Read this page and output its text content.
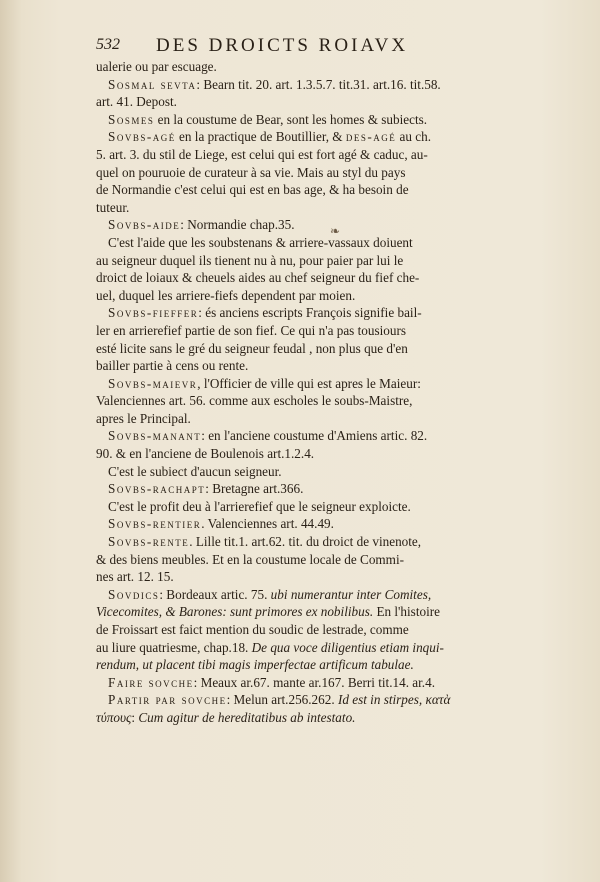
532 DES DROICTS ROIAVX
❧
ualerie ou par escuage.
Sosmal sevta: Bearn tit. 20. art. 1.3.5.7. tit.31. art.16. tit.58.
art. 41. Depost.
Sosmes en la coustume de Bear, sont les homes & subiects.
Sovbs-agé en la practique de Boutillier, & des-agé au ch.
5. art. 3. du stil de Liege, est celui qui est fort agé & caduc, au-
quel on pouruoie de curateur à sa vie. Mais au styl du pays
de Normandie c'est celui qui est en bas age, & ha besoin de
tuteur.
Sovbs-aide: Normandie chap.35.
C'est l'aide que les soubstenans & arriere-vassaux doiuent
au seigneur duquel ils tienent nu à nu, pour paier par lui le
droict de loiaux & cheuels aides au chef seigneur du fief che-
uel, duquel les arriere-fiefs dependent par moien.
Sovbs-fieffer: és anciens escripts François signifie bail-
ler en arrierefief partie de son fief. Ce qui n'a pas tousiours
esté licite sans le gré du seigneur feudal , non plus que d'en
bailler partie à cens ou rente.
Sovbs-maievr, l'Officier de ville qui est apres le Maieur:
Valenciennes art. 56. comme aux escholes le soubs-Maistre,
apres le Principal.
Sovbs-manant: en l'anciene coustume d'Amiens artic. 82.
90. & en l'anciene de Boulenois art.1.2.4.
C'est le subiect d'aucun seigneur.
Sovbs-rachapt: Bretagne art.366.
C'est le profit deu à l'arrierefief que le seigneur exploicte.
Sovbs-rentier. Valenciennes art. 44.49.
Sovbs-rente. Lille tit.1. art.62. tit. du droict de vinenote,
& des biens meubles. Et en la coustume locale de Commi-
nes art. 12. 15.
Sovdics: Bordeaux artic. 75. ubi numerantur inter Comites,
Vicecomites, & Barones: sunt primores ex nobilibus. En l'histoire
de Froissart est faict mention du soudic de lestrade, comme
au liure quatriesme, chap.18. De qua voce diligentius etiam inqui-
rendum, ut placent tibi magis imperfectae artificum tabulae.
Faire sovche: Meaux ar.67. mante ar.167. Berri tit.14. ar.4.
Partir par sovche: Melun art.256.262. Id est in stirpes, κατὰ
τύπους: Cum agitur de hereditatibus ab intestato.
